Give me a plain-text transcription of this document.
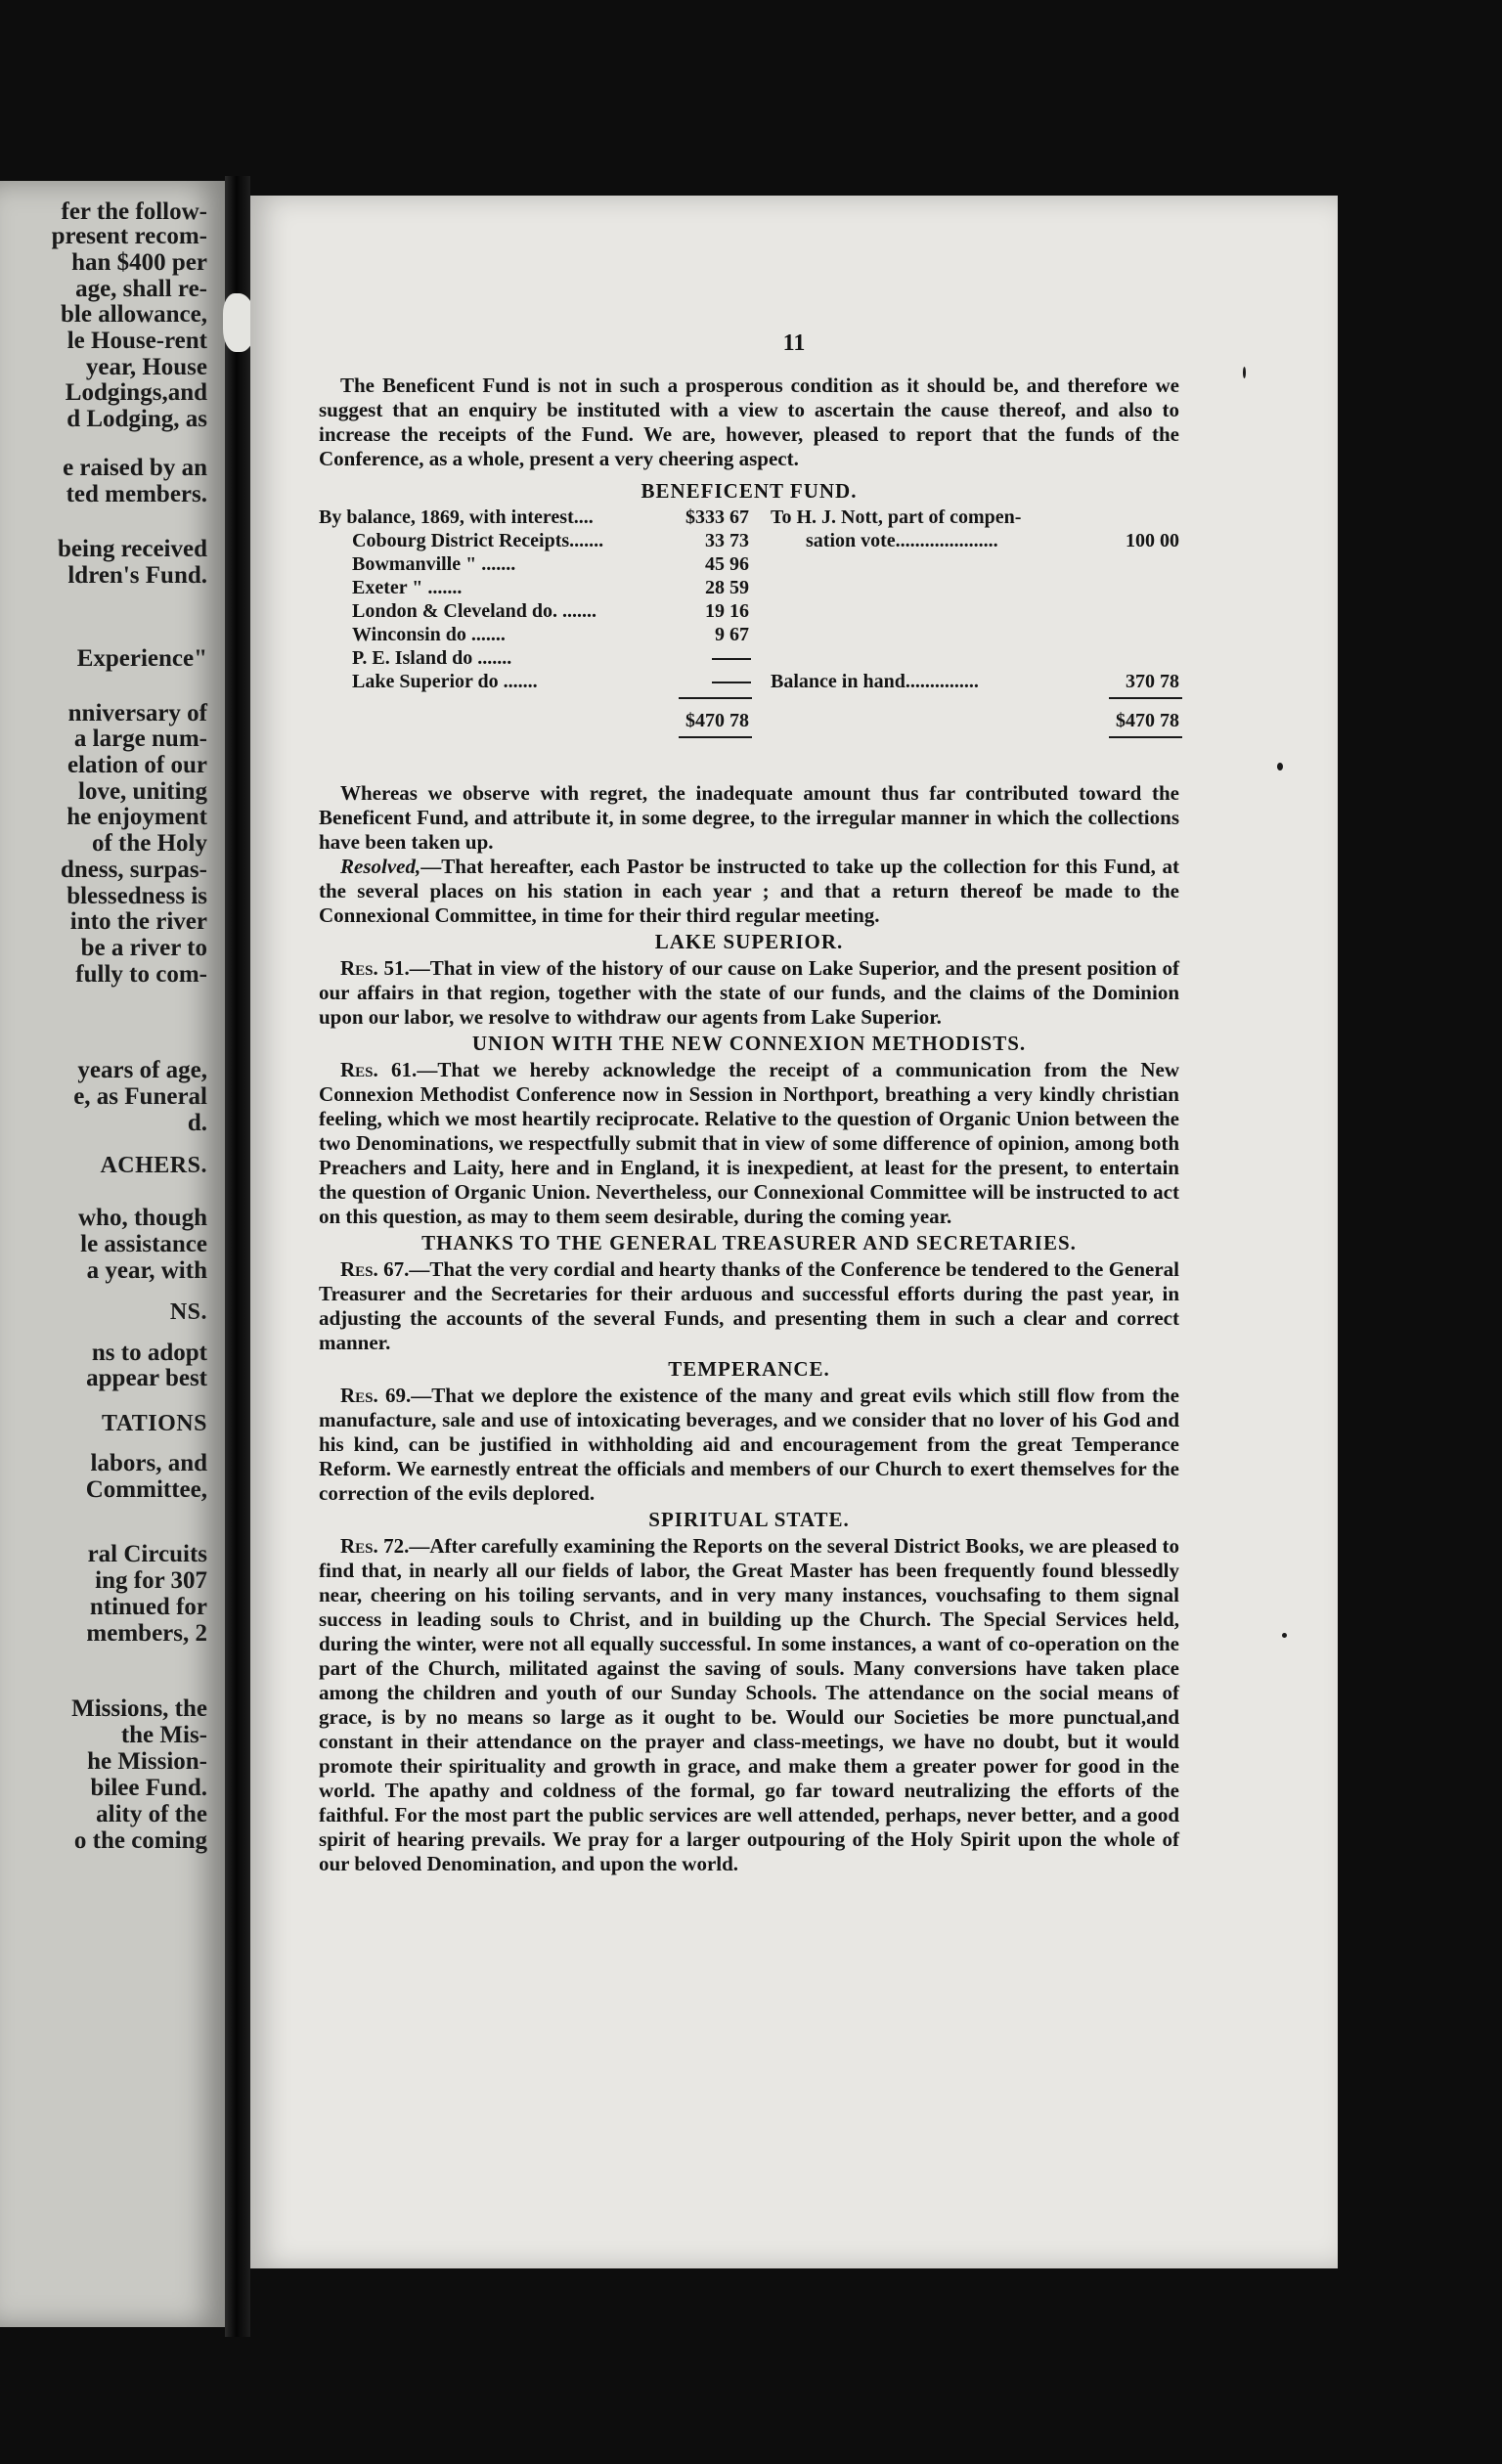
fer the follow-
present recom-
han $400 per
age, shall re-
ble allowance,
le House-rent
year, House
Lodgings,and
d Lodging, as
e raised by an
ted members.
being received
ldren's Fund.
Experience"
nniversary of
a large num-
elation of our
love, uniting
he enjoyment
of the Holy
dness, surpas-
blessedness is
into the river
be a river to
fully to com-
years of age,
e, as Funeral
d.
ACHERS.
who, though
le assistance
a year, with
NS.
ns to adopt
appear best
TATIONS
labors, and
Committee,
ral Circuits
ing for 307
ntinued for
members, 2
Missions, the
the Mis-
he Mission-
bilee Fund.
ality of the
o the coming
11

The Beneficent Fund is not in such a prosperous condition as it should be, and therefore we suggest that an enquiry be instituted with a view to ascertain the cause thereof, and also to increase the receipts of the Fund. We are, however, pleased to report that the funds of the Conference, as a whole, present a very cheering aspect.

BENEFICENT FUND.
By balance, 1869, with interest....	$333 67
Cobourg District Receipts.......	33 73
Bowmanville " .......	45 96
Exeter " .......	28 59
London & Cleveland do. .......	19 16
Winconsin do .......	9 67
P. E. Island do .......
Lake Superior do .......
$470 78
To H. J. Nott, part of compen-
sation vote.....................	100 00
Balance in hand...............	370 78
$470 78

Whereas we observe with regret, the inadequate amount thus far contributed toward the Beneficent Fund, and attribute it, in some degree, to the irregular manner in which the collections have been taken up.

Resolved,—That hereafter, each Pastor be instructed to take up the collection for this Fund, at the several places on his station in each year ; and that a return thereof be made to the Connexional Committee, in time for their third regular meeting.

LAKE SUPERIOR.

Res. 51.—That in view of the history of our cause on Lake Superior, and the present position of our affairs in that region, together with the state of our funds, and the claims of the Dominion upon our labor, we resolve to withdraw our agents from Lake Superior.

UNION WITH THE NEW CONNEXION METHODISTS.

Res. 61.—That we hereby acknowledge the receipt of a communication from the New Connexion Methodist Conference now in Session in Northport, breathing a very kindly christian feeling, which we most heartily reciprocate. Relative to the question of Organic Union between the two Denominations, we respectfully submit that in view of some difference of opinion, among both Preachers and Laity, here and in England, it is inexpedient, at least for the present, to entertain the question of Organic Union. Nevertheless, our Connexional Committee will be instructed to act on this question, as may to them seem desirable, during the coming year.

THANKS TO THE GENERAL TREASURER AND SECRETARIES.

Res. 67.—That the very cordial and hearty thanks of the Conference be tendered to the General Treasurer and the Secretaries for their arduous and successful efforts during the past year, in adjusting the accounts of the several Funds, and presenting them in such a clear and correct manner.

TEMPERANCE.

Res. 69.—That we deplore the existence of the many and great evils which still flow from the manufacture, sale and use of intoxicating beverages, and we consider that no lover of his God and his kind, can be justified in withholding aid and encouragement from the great Temperance Reform. We earnestly entreat the officials and members of our Church to exert themselves for the correction of the evils deplored.

SPIRITUAL STATE.

Res. 72.—After carefully examining the Reports on the several District Books, we are pleased to find that, in nearly all our fields of labor, the Great Master has been frequently found blessedly near, cheering on his toiling servants, and in very many instances, vouchsafing to them signal success in leading souls to Christ, and in building up the Church. The Special Services held, during the winter, were not all equally successful. In some instances, a want of co-operation on the part of the Church, militated against the saving of souls. Many conversions have taken place among the children and youth of our Sunday Schools. The attendance on the social means of grace, is by no means so large as it ought to be. Would our Societies be more punctual,and constant in their attendance on the prayer and class-meetings, we have no doubt, but it would promote their spirituality and growth in grace, and make them a greater power for good in the world. The apathy and coldness of the formal, go far toward neutralizing the efforts of the faithful. For the most part the public services are well attended, perhaps, never better, and a good spirit of hearing prevails. We pray for a larger outpouring of the Holy Spirit upon the whole of our beloved Denomination, and upon the world.
